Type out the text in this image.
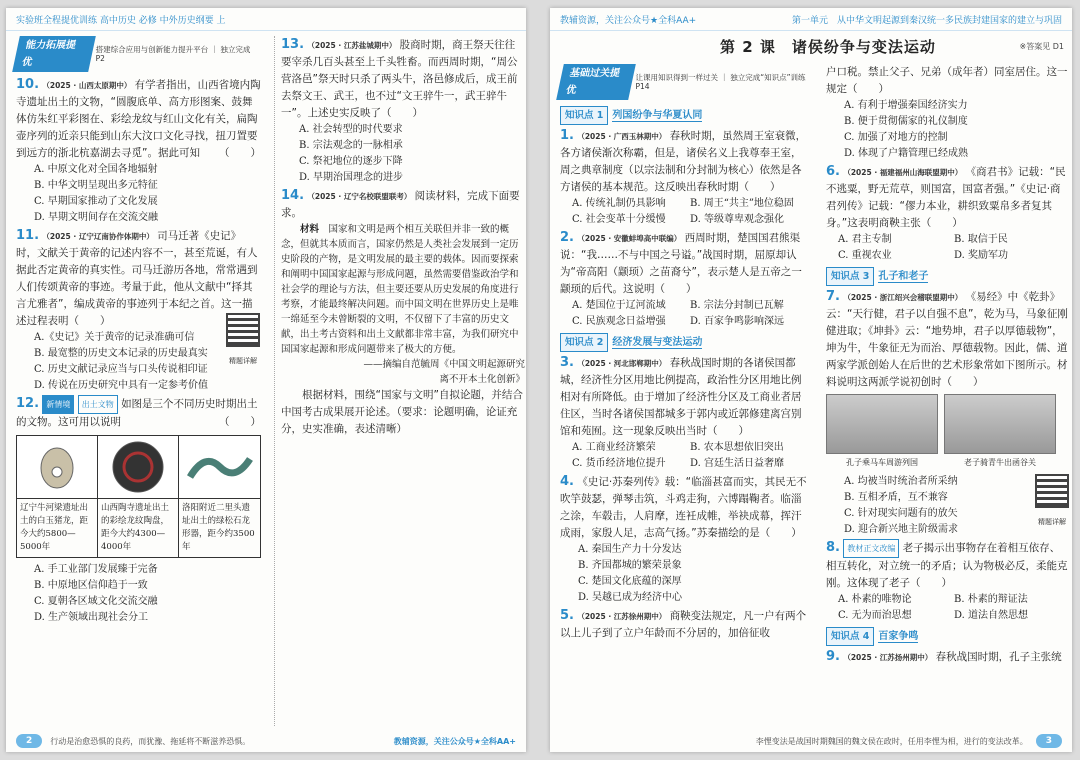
实验班全程提优训练 高中历史 必修 中外历史纲要 上
能力拓展提优
搭建综合应用与创新能力提升平台 ｜ 独立完成 P2
10. （2025 · 山西太原期中） 有学者指出，山西省境内陶寺遗址出土的文物，“圆腹底单、高方形图案、鼓舞体仿朱红平彩图在、彩绘龙纹与红山文化有关，扁陶壶序列的近亲只能到山东大汶口文化寻找，扭刀置要到远方的浙北杭嘉湖去寻觅”。据此可知 （　　）
A. 中原文化对全国各地辐射
B. 中华文明呈现出多元特征
C. 早期国家推动了文化发展
D. 早期文明间存在交流交融
11. （2025 · 辽宁辽南协作体期中） 司马迁著《史记》时，文献关于黄帝的记述内容不一，甚至荒诞，有人据此否定黄帝的真实性。司马迁游历各地，常常遇到人们传颂黄帝的事迹。考量于此，他从文献中“择其言尤雅者”，编成黄帝的事迹列于本纪之首。这一描述过程表明（　　）
精题详解
A.《史记》关于黄帝的记录准确可信
B. 最宽整的历史文本记录的历史最真实
C. 历史文献记录应当与口头传说相印证
D. 传说在历史研究中具有一定参考价值
12. 新情境 出土文物 如图是三个不同历史时期出土的文物。这可用以说明	（　　）
辽宁牛河梁遗址出土的白玉猪龙，距今大约5800—5000年
山西陶寺遗址出土的彩绘龙纹陶盘，距今大约4300—4000年
洛阳附近二里头遗址出土的绿松石龙形器，距今约3500年
A. 手工业部门发展臻于完备
B. 中原地区信仰趋于一致
C. 夏朝各区域文化交流交融
D. 生产领域出现社会分工
13. （2025 · 江苏盐城期中） 股商时期，商王祭天往往要宰杀几百头甚至上千头牲畜。而西周时期，“周公营洛邑”祭天时只杀了两头牛，洛邑修成后，成王前去祭文王、武王，也不过“文王骍牛一，武王骍牛一”。上述史实反映了（　　）
A. 社会转型的时代要求
B. 宗法观念的一脉相承
C. 祭祀地位的逐步下降
D. 早期治国理念的进步
14. （2025 · 辽宁名校联盟联考） 阅读材料，完成下面要求。
材料　 国家和文明是两个相互关联但并非一致的概念，但就其本质而言，国家仍然是人类社会发展到一定历史阶段的产物，是文明发展的最主要的载体。因而要探索和阐明中国国家起源与形成问题，虽然需要借鉴政治学和社会学的理论与方法，但主要还要从历史发展的角度进行考察，才能最终解决问题。而中国文明在世界历史上是唯一绵延至今未曾断裂的文明，不仅留下了丰富的历史文献，出土考古资料和出土文献都非常丰富，为我们研究中国国家起源和形成问题带来了极大的方便。
——摘编自范毓周《中国文明起源研究
离不开本土化创新》
根据材料，围绕“国家与文明”自拟论题，并结合中国考古成果展开论述。（要求：论题明确，论证充分，史实准确，表述清晰）
2	行动是治愈恐惧的良药，而犹豫、拖延将不断滋养恐惧。	教辅资源，关注公众号★全科AA+
教辅资源，关注公众号★全科AA+	第一单元　从中华文明起源到秦汉统一多民族封建国家的建立与巩固
第 2 课　诸侯纷争与变法运动	※答案见 D1
基础过关提优
让课用知识得到一样过关 ｜ 独立完成“知识点”训练 P14
知识点 1 列国纷争与华夏认同
1. （2025 · 广西玉林期中） 春秋时期，虽然周王室衰微，各方诸侯渐次称霸，但是，诸侯名义上我尊奉王室，周之典章制度（以宗法制和分封制为核心）依然是各方诸侯的基本规范。这反映出春秋时期（　　）
A. 传统礼制仍具影响	B. 周王“共主”地位稳固
C. 社会变革十分缓慢	D. 等级尊卑观念强化
2. （2025 · 安徽蚌埠高中联编） 西周时期，楚国国君熊渠说：“我……不与中国之号谥。”战国时期，屈原却认为“帝高阳（颛顼）之苗裔兮”，表示楚人是五帝之一颛顼的后代。这说明（　　）
A. 楚国位于辽河流域	B. 宗法分封制已瓦解
C. 民族观念日益增强	D. 百家争鸣影响深远
知识点 2 经济发展与变法运动
3. （2025 · 河北邯郸期中） 春秋战国时期的各诸侯国都城，经济性分区用地比例提高，政治性分区用地比例相对有所降低。由于增加了经济性分区及工商业者居住区，当时各诸侯国都城多于郭内或近郭修建离宫别馆和苑囿。这一现象反映出当时（　　）
A. 工商业经济繁荣	B. 农本思想依旧突出
C. 货币经济地位提升	D. 宫廷生活日益奢靡
4. 《史记·苏秦列传》载：“临淄甚富而实，其民无不吹竽鼓瑟，弹琴击筑，斗鸡走狗，六博蹋鞠者。临淄之涂，车毂击，人肩摩，连衽成帷，举袂成幕，挥汗成雨，家殷人足，志高气扬。”苏秦描绘的是（　　）
A. 秦国生产力十分发达
B. 齐国都城的繁荣景象
C. 楚国文化底蕴的深厚
D. 吴越已成为经济中心
5. （2025 · 江苏徐州期中） 商鞅变法规定，凡一户有两个以上儿子到了立户年龄而不分居的，加倍征收
户口税。禁止父子、兄弟（成年者）同室居住。这一规定（　　）
A. 有利于增强秦国经济实力
B. 便于贯彻儒家的礼仪制度
C. 加强了对地方的控制
D. 体现了户籍管理已经成熟
6. （2025 · 福建福州山海联盟期中） 《商君书》记载：“民不逃粟，野无荒草，则国富，国富者强。”《史记·商君列传》记载：“僇力本业，耕织致粟帛多者复其身。”这表明商鞅主张（　　）
A. 君主专制	B. 取信于民
C. 重视农业	D. 奖励军功
知识点 3 孔子和老子
7. （2025 · 浙江绍兴会稽联盟期中） 《易经》中《乾卦》云：“天行健，君子以自强不息”，乾为马，马象征刚健进取；《坤卦》云：“地势坤，君子以厚德载物”，坤为牛，牛象征无为而治、厚德载物。因此，儒、道两家学派创始人在后世的艺术形象常如下图所示。材料说明这两派学说初创时（　　）
孔子乘马车周游列国	老子骑青牛出函谷关
精题详解
A. 均被当时统治者所采纳
B. 互相矛盾，互不兼容
C. 针对现实问题有的放矢
D. 迎合新兴地主阶级需求
8. 教材正文改编 老子揭示出事物存在着相互依存、相互转化，对立统一的矛盾；认为物极必反，柔能克刚。这体现了老子（　　）
A. 朴素的唯物论	B. 朴素的辩证法
C. 无为而治思想	D. 道法自然思想
知识点 4 百家争鸣
9. （2025 · 江苏扬州期中） 春秋战国时期，孔子主张统
李悝变法是战国时期魏国的魏文侯在政时，任用李悝为相，进行的变法改革。	3
